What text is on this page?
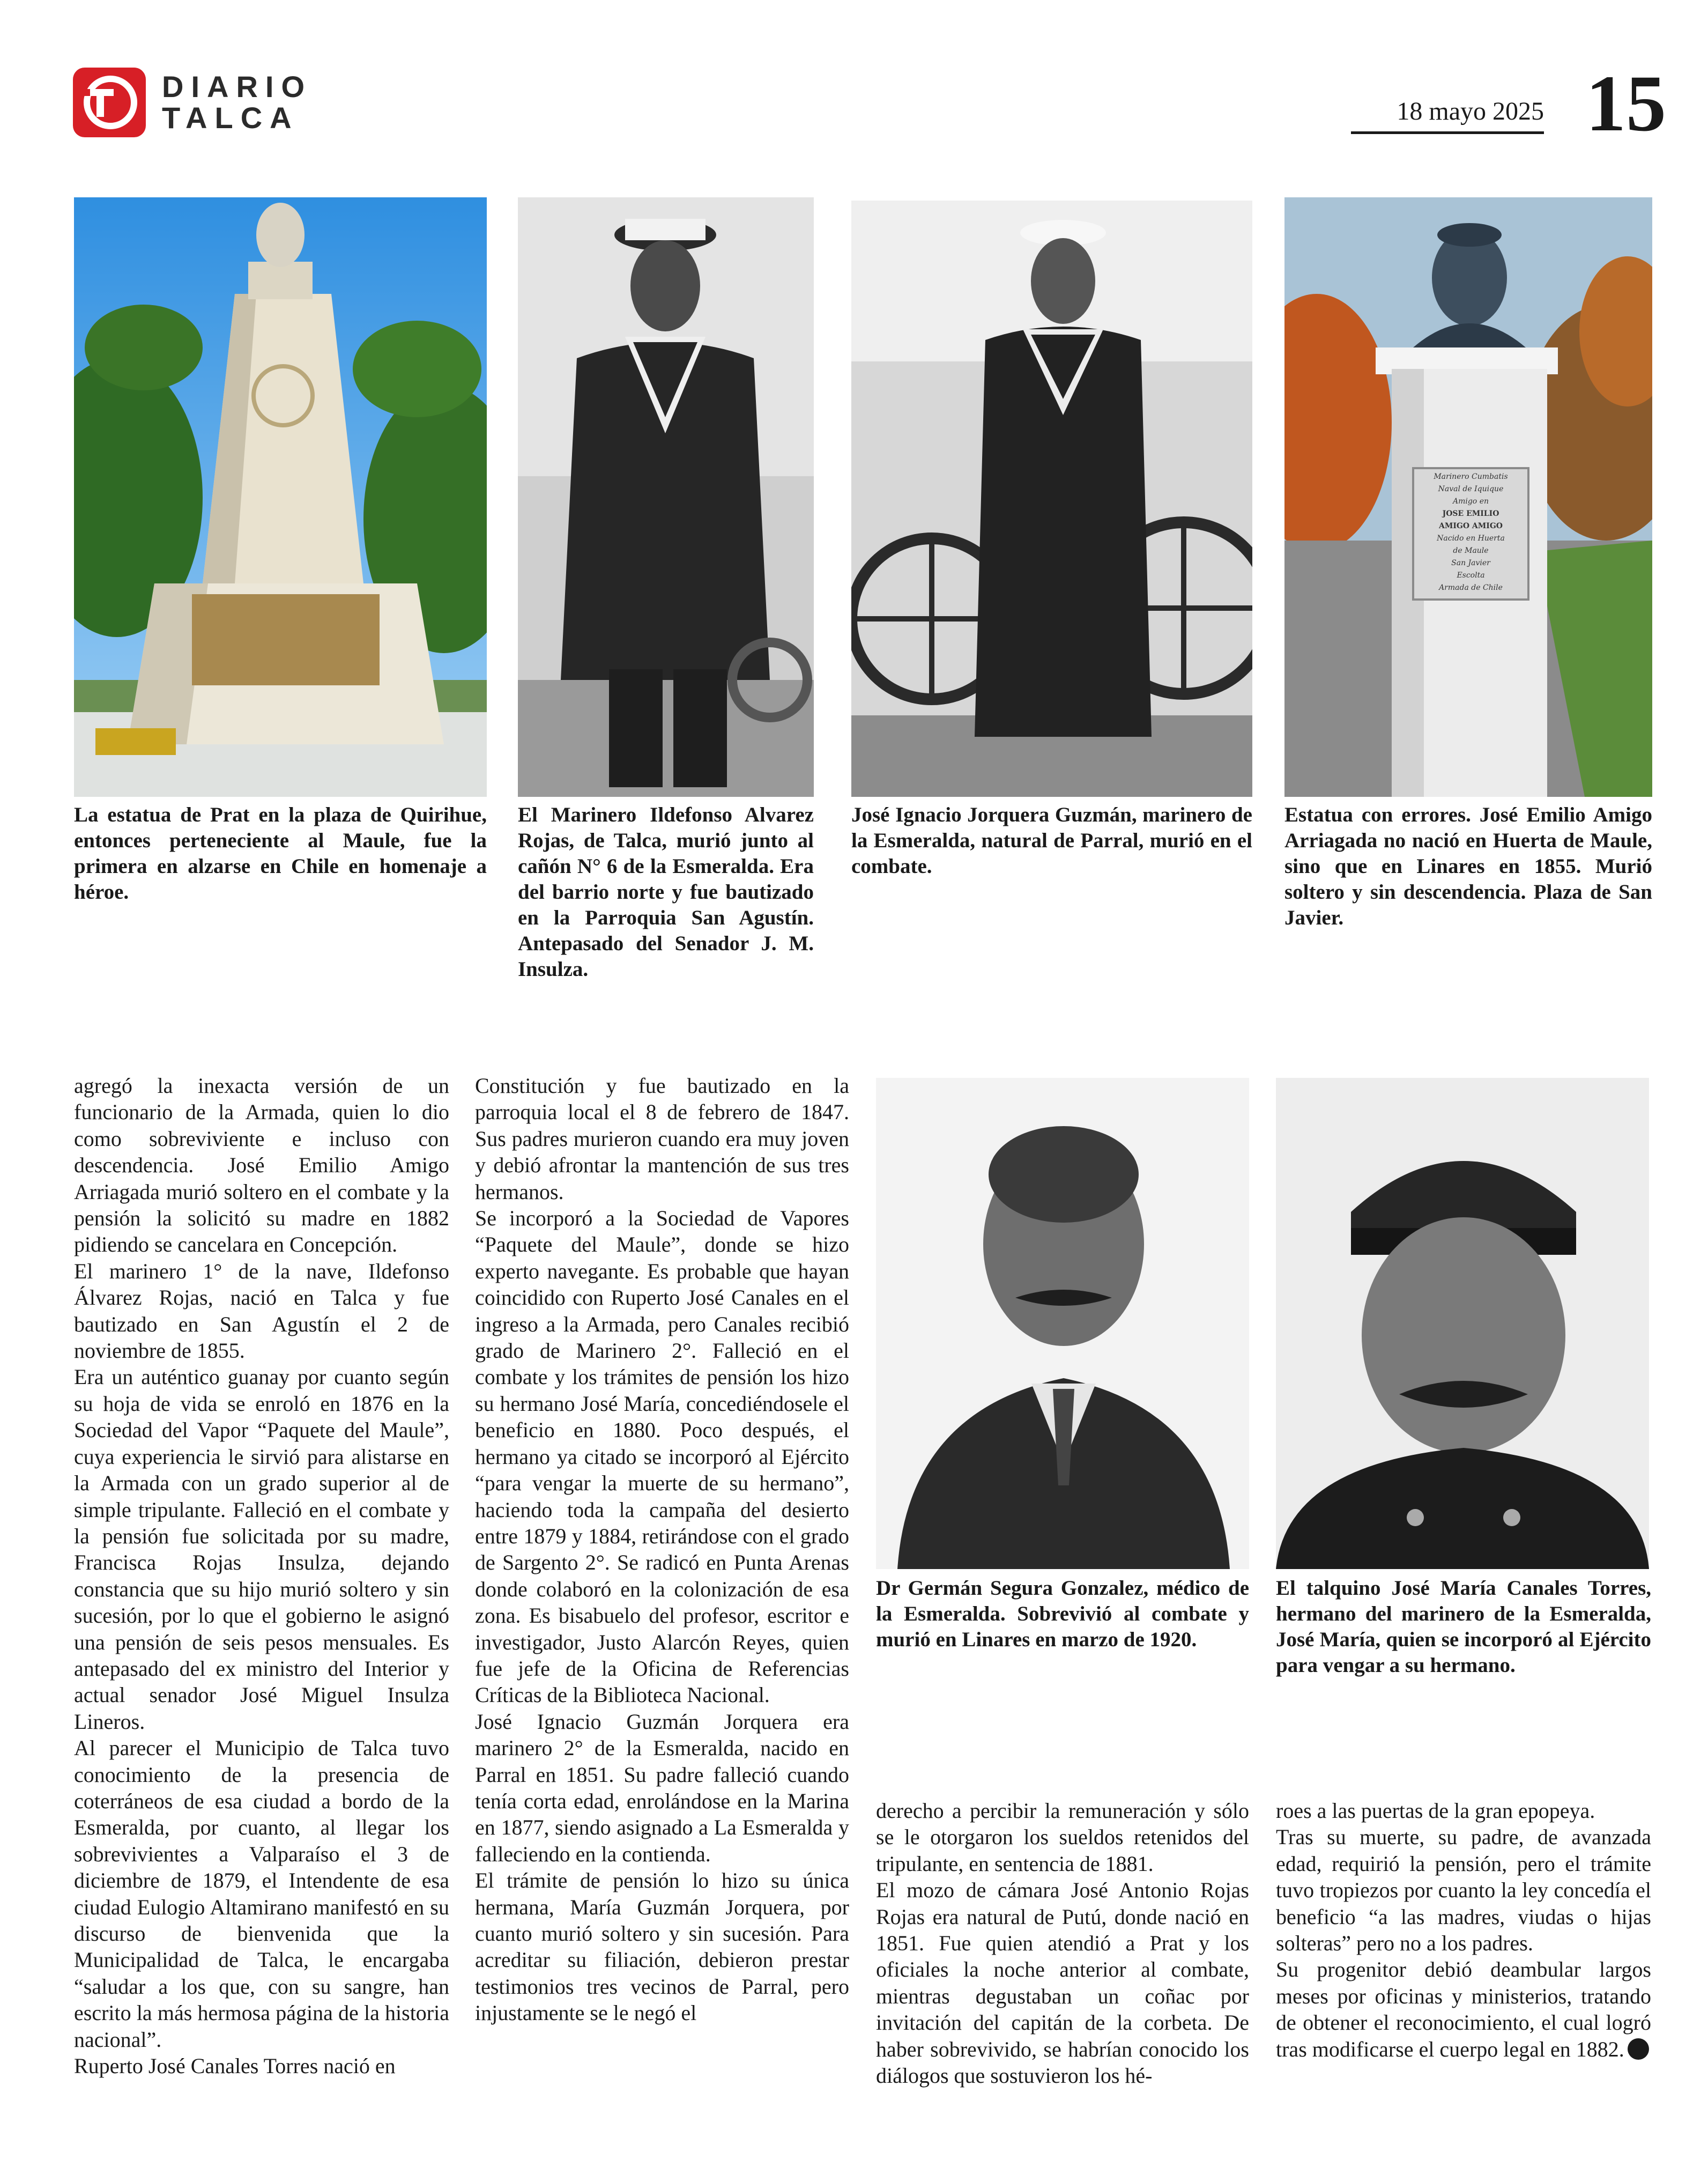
DIARIO
TALCA	18 mayo 2025 15
La estatua de Prat en la plaza de Quirihue, entonces perteneciente al Maule, fue la primera en alzarse en Chile en homenaje a héroe.
El Marinero Ildefonso Alvarez Rojas, de Talca, murió junto al cañón N° 6 de la Esmeralda. Era del barrio norte y fue bautizado en la Parroquia San Agustín. Antepasado del Senador J. M. Insulza.
José Ignacio Jorquera Guzmán, marinero de la Esmeralda, natural de Parral, murió en el combate.
Marinero Cumbatis
Naval de Iquique
Amigo en
JOSE EMILIO
AMIGO AMIGO
Nacido en Huerta
de Maule
San Javier
Escolta
Armada de Chile
Estatua con errores. José Emilio Amigo Arriagada no nació en Huerta de Maule, sino que en Linares en 1855. Murió soltero y sin descendencia. Plaza de San Javier.
Dr Germán Segura Gonzalez, médico de la Esmeralda. Sobrevivió al combate y murió en Linares en marzo de 1920.
El talquino José María Canales Torres, hermano del marinero de la Esmeralda, José María, quien se incorporó al Ejército para vengar a su hermano.

agregó la inexacta versión de un funcionario de la Armada, quien lo dio como sobreviviente e incluso con descendencia. José Emilio Amigo Arriagada murió soltero en el combate y la pensión la solicitó su madre en 1882 pidiendo se cancelara en Concepción.

El marinero 1° de la nave, Ildefonso Álvarez Rojas, nació en Talca y fue bautizado en San Agustín el 2 de noviembre de 1855.

Era un auténtico guanay por cuanto según su hoja de vida se enroló en 1876 en la Sociedad del Vapor “Paquete del Maule”, cuya experiencia le sirvió para alistarse en la Armada con un grado superior al de simple tripulante. Falleció en el combate y la pensión fue solicitada por su madre, Francisca Rojas Insulza, dejando constancia que su hijo murió soltero y sin sucesión, por lo que el gobierno le asignó una pensión de seis pesos mensuales. Es antepasado del ex ministro del Interior y actual senador José Miguel Insulza Lineros.

Al parecer el Municipio de Talca tuvo conocimiento de la presencia de coterráneos de esa ciudad a bordo de la Esmeralda, por cuanto, al llegar los sobrevivientes a Valparaíso el 3 de diciembre de 1879, el Intendente de esa ciudad Eulogio Altamirano manifestó en su discurso de bienvenida que la Municipalidad de Talca, le encargaba “saludar a los que, con su sangre, han escrito la más hermosa página de la historia nacional”.

Ruperto José Canales Torres nació en

Constitución y fue bautizado en la parroquia local el 8 de febrero de 1847. Sus padres murieron cuando era muy joven y debió afrontar la mantención de sus tres hermanos.

Se incorporó a la Sociedad de Vapores “Paquete del Maule”, donde se hizo experto navegante. Es probable que hayan coincidido con Ruperto José Canales en el ingreso a la Armada, pero Canales recibió grado de Marinero 2°. Falleció en el combate y los trámites de pensión los hizo su hermano José María, concediéndosele el beneficio en 1880. Poco después, el hermano ya citado se incorporó al Ejército “para vengar la muerte de su hermano”, haciendo toda la campaña del desierto entre 1879 y 1884, retirándose con el grado de Sargento 2°. Se radicó en Punta Arenas donde colaboró en la colonización de esa zona. Es bisabuelo del profesor, escritor e investigador, Justo Alarcón Reyes, quien fue jefe de la Oficina de Referencias Críticas de la Biblioteca Nacional.

José Ignacio Guzmán Jorquera era marinero 2° de la Esmeralda, nacido en Parral en 1851. Su padre falleció cuando tenía corta edad, enrolándose en la Marina en 1877, siendo asignado a La Esmeralda y falleciendo en la contienda.

El trámite de pensión lo hizo su única hermana, María Guzmán Jorquera, por cuanto murió soltero y sin sucesión. Para acreditar su filiación, debieron prestar testimonios tres vecinos de Parral, pero injustamente se le negó el

derecho a percibir la remuneración y sólo se le otorgaron los sueldos retenidos del tripulante, en sentencia de 1881.

El mozo de cámara José Antonio Rojas Rojas era natural de Putú, donde nació en 1851. Fue quien atendió a Prat y los oficiales la noche anterior al combate, mientras degustaban un coñac por invitación del capitán de la corbeta. De haber sobrevivido, se habrían conocido los diálogos que sostuvieron los hé-

roes a las puertas de la gran epopeya.

Tras su muerte, su padre, de avanzada edad, requirió la pensión, pero el trámite tuvo tropiezos por cuanto la ley concedía el beneficio “a las madres, viudas o hijas solteras” pero no a los padres.

Su progenitor debió deambular largos meses por oficinas y ministerios, tratando de obtener el reconocimiento, el cual logró tras modificarse el cuerpo legal en 1882.
